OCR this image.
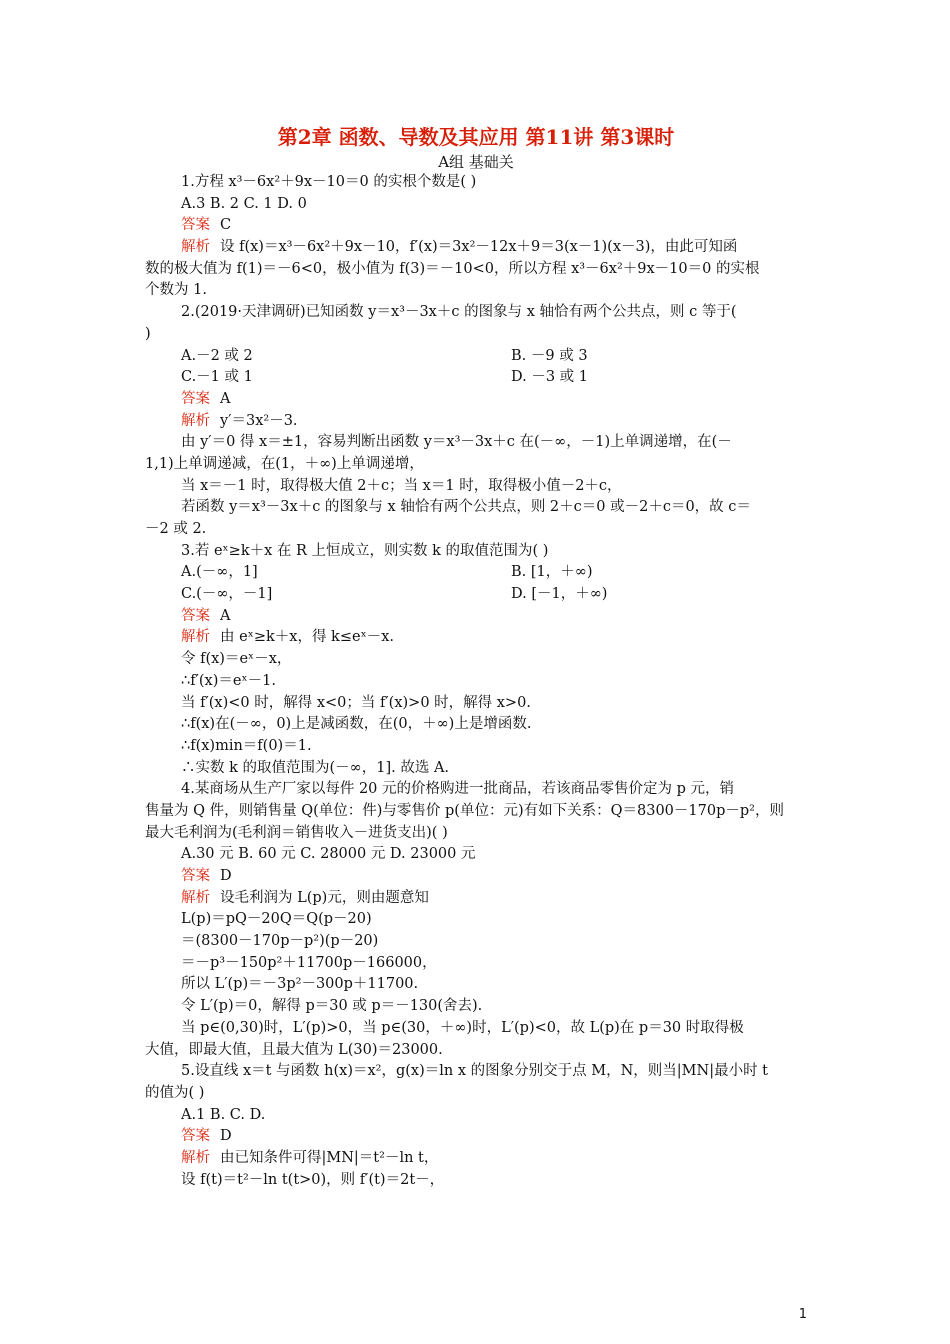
第2章 函数、导数及其应用 第11讲 第3课时
A组 基础关
1.方程 x³－6x²＋9x－10＝0 的实根个数是( )
A.3 B. 2 C. 1 D. 0
答案 C
解析 设 f(x)＝x³－6x²＋9x－10，f′(x)＝3x²－12x＋9＝3(x－1)(x－3)，由此可知函
数的极大值为 f(1)＝－6<0，极小值为 f(3)＝－10<0，所以方程 x³－6x²＋9x－10＝0 的实根
个数为 1.
2.(2019·天津调研)已知函数 y＝x³－3x＋c 的图象与 x 轴恰有两个公共点，则 c 等于(
)
A.－2 或 2	B. －9 或 3
C.－1 或 1	D. －3 或 1
答案 A
解析 y′＝3x²－3.
由 y′＝0 得 x＝±1，容易判断出函数 y＝x³－3x＋c 在(－∞，－1)上单调递增，在(－
1,1)上单调递减，在(1，＋∞)上单调递增，
当 x＝－1 时，取得极大值 2＋c；当 x＝1 时，取得极小值－2＋c，
若函数 y＝x³－3x＋c 的图象与 x 轴恰有两个公共点，则 2＋c＝0 或－2＋c＝0，故 c＝
－2 或 2.
3.若 eˣ≥k＋x 在 R 上恒成立，则实数 k 的取值范围为( )
A.(－∞，1]	B. [1，＋∞)
C.(－∞，－1]	D. [－1，＋∞)
答案 A
解析 由 eˣ≥k＋x，得 k≤eˣ－x.
令 f(x)＝eˣ－x，
∴f′(x)＝eˣ－1.
当 f′(x)<0 时，解得 x<0；当 f′(x)>0 时，解得 x>0.
∴f(x)在(－∞，0)上是减函数，在(0，＋∞)上是增函数.
∴f(x)min＝f(0)＝1.
∴实数 k 的取值范围为(－∞，1]. 故选 A.
4.某商场从生产厂家以每件 20 元的价格购进一批商品，若该商品零售价定为 p 元，销
售量为 Q 件，则销售量 Q(单位：件)与零售价 p(单位：元)有如下关系：Q＝8300－170p－p²，则
最大毛利润为(毛利润＝销售收入－进货支出)( )
A.30 元 B. 60 元 C. 28000 元 D. 23000 元
答案 D
解析 设毛利润为 L(p)元，则由题意知
L(p)＝pQ－20Q＝Q(p－20)
＝(8300－170p－p²)(p－20)
＝－p³－150p²＋11700p－166000，
所以 L′(p)＝－3p²－300p＋11700.
令 L′(p)＝0，解得 p＝30 或 p＝－130(舍去).
当 p∈(0,30)时，L′(p)>0，当 p∈(30，＋∞)时，L′(p)<0，故 L(p)在 p＝30 时取得极
大值，即最大值，且最大值为 L(30)＝23000.
5.设直线 x＝t 与函数 h(x)＝x²，g(x)＝ln x 的图象分别交于点 M，N，则当|MN|最小时 t
的值为( )
A.1 B. C. D.
答案 D
解析 由已知条件可得|MN|＝t²－ln t，
设 f(t)＝t²－ln t(t>0)，则 f′(t)＝2t－，
1
